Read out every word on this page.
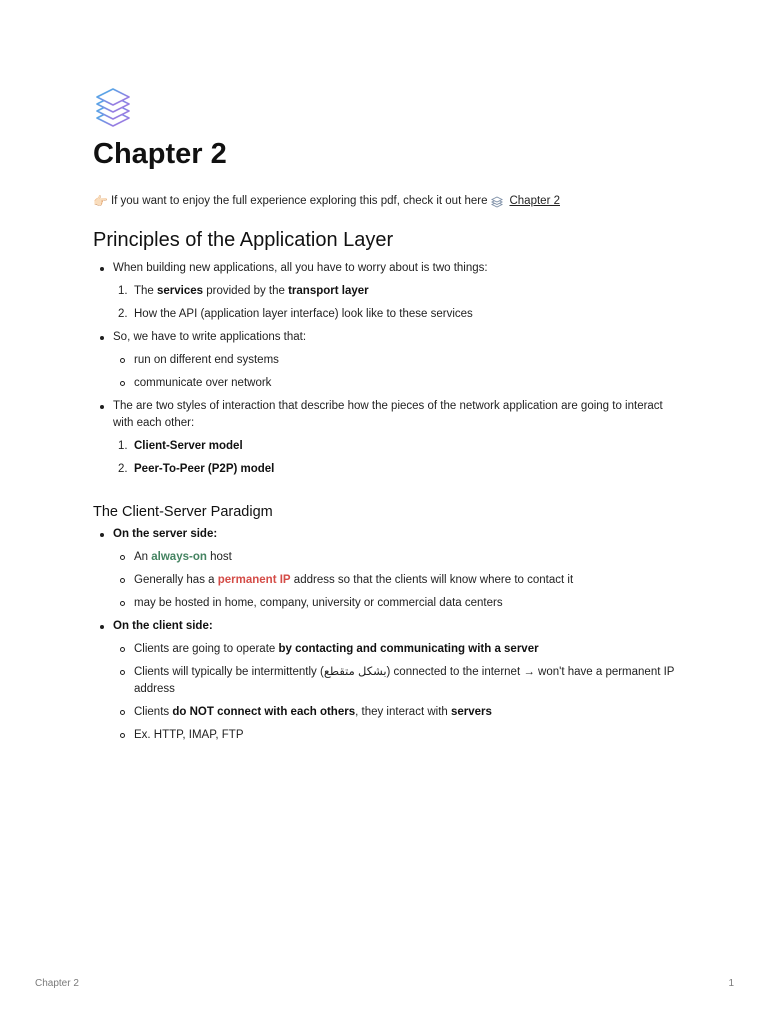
Chapter 2
👉🏻 If you want to enjoy the full experience exploring this pdf, check it out here Chapter 2
Principles of the Application Layer
When building new applications, all you have to worry about is two things:
1. The services provided by the transport layer
2. How the API (application layer interface) look like to these services
So, we have to write applications that:
run on different end systems
communicate over network
The are two styles of interaction that describe how the pieces of the network application are going to interact with each other:
1. Client-Server model
2. Peer-To-Peer (P2P) model
The Client-Server Paradigm
On the server side:
An always-on host
Generally has a permanent IP address so that the clients will know where to contact it
may be hosted in home, company, university or commercial data centers
On the client side:
Clients are going to operate by contacting and communicating with a server
Clients will typically be intermittently (بشكل متقطع) connected to the internet → won't have a permanent IP address
Clients do NOT connect with each others, they interact with servers
Ex. HTTP, IMAP, FTP
Chapter 2	1
